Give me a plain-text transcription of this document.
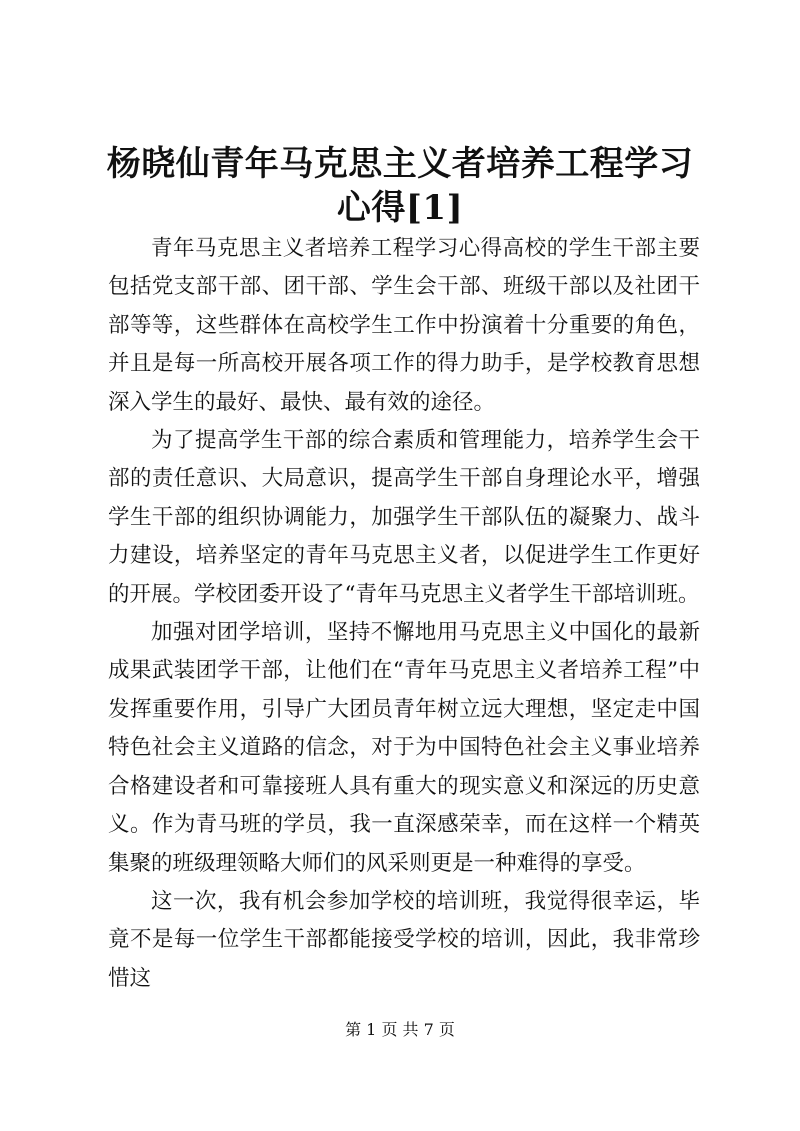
杨晓仙青年马克思主义者培养工程学习心得[1]

青年马克思主义者培养工程学习心得高校的学生干部主要包括党支部干部、团干部、学生会干部、班级干部以及社团干部等等，这些群体在高校学生工作中扮演着十分重要的角色，并且是每一所高校开展各项工作的得力助手，是学校教育思想深入学生的最好、最快、最有效的途径。

为了提高学生干部的综合素质和管理能力，培养学生会干部的责任意识、大局意识，提高学生干部自身理论水平，增强学生干部的组织协调能力，加强学生干部队伍的凝聚力、战斗力建设，培养坚定的青年马克思主义者，以促进学生工作更好的开展。学校团委开设了“青年马克思主义者学生干部培训班。

加强对团学培训，坚持不懈地用马克思主义中国化的最新成果武装团学干部，让他们在“青年马克思主义者培养工程”中发挥重要作用，引导广大团员青年树立远大理想，坚定走中国特色社会主义道路的信念，对于为中国特色社会主义事业培养合格建设者和可靠接班人具有重大的现实意义和深远的历史意义。作为青马班的学员，我一直深感荣幸，而在这样一个精英集聚的班级理领略大师们的风采则更是一种难得的享受。

这一次，我有机会参加学校的培训班，我觉得很幸运，毕竟不是每一位学生干部都能接受学校的培训，因此，我非常珍惜这

第 1 页 共 7 页
